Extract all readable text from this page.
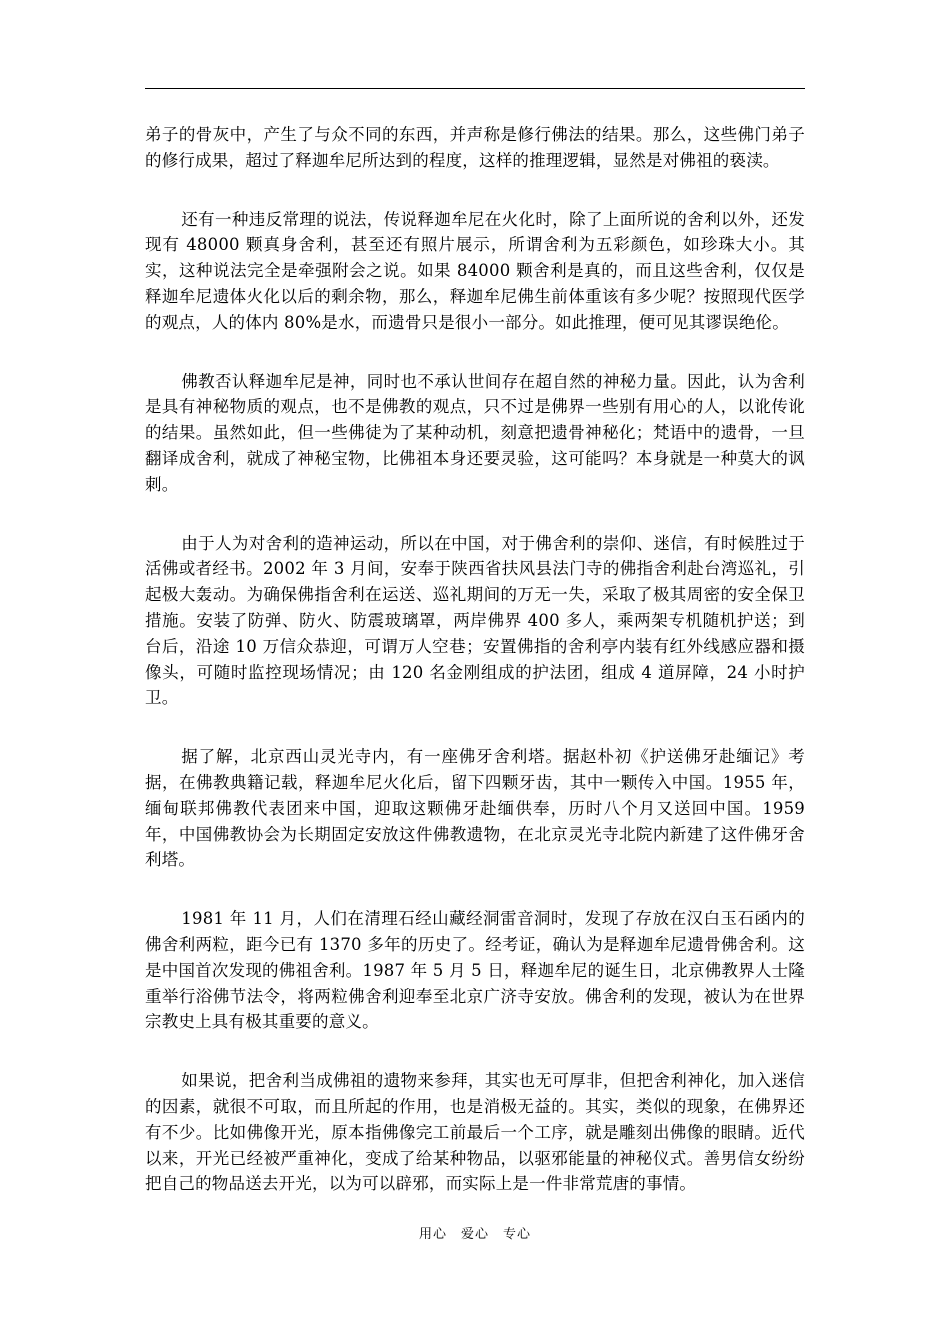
弟子的骨灰中，产生了与众不同的东西，并声称是修行佛法的结果。那么，这些佛门弟子的修行成果，超过了释迦牟尼所达到的程度，这样的推理逻辑，显然是对佛祖的亵渎。

还有一种违反常理的说法，传说释迦牟尼在火化时，除了上面所说的舍利以外，还发现有 48000 颗真身舍利，甚至还有照片展示，所谓舍利为五彩颜色，如珍珠大小。其实，这种说法完全是牵强附会之说。如果 84000 颗舍利是真的，而且这些舍利，仅仅是释迦牟尼遗体火化以后的剩余物，那么，释迦牟尼佛生前体重该有多少呢？按照现代医学的观点，人的体内 80%是水，而遗骨只是很小一部分。如此推理，便可见其谬误绝伦。

佛教否认释迦牟尼是神，同时也不承认世间存在超自然的神秘力量。因此，认为舍利是具有神秘物质的观点，也不是佛教的观点，只不过是佛界一些别有用心的人，以讹传讹的结果。虽然如此，但一些佛徒为了某种动机，刻意把遗骨神秘化；梵语中的遗骨，一旦翻译成舍利，就成了神秘宝物，比佛祖本身还要灵验，这可能吗？本身就是一种莫大的讽刺。

由于人为对舍利的造神运动，所以在中国，对于佛舍利的崇仰、迷信，有时候胜过于活佛或者经书。2002 年 3 月间，安奉于陕西省扶风县法门寺的佛指舍利赴台湾巡礼，引起极大轰动。为确保佛指舍利在运送、巡礼期间的万无一失，采取了极其周密的安全保卫措施。安装了防弹、防火、防震玻璃罩，两岸佛界 400 多人，乘两架专机随机护送；到台后，沿途 10 万信众恭迎，可谓万人空巷；安置佛指的舍利亭内装有红外线感应器和摄像头，可随时监控现场情况；由 120 名金刚组成的护法团，组成 4 道屏障，24 小时护卫。

据了解，北京西山灵光寺内，有一座佛牙舍利塔。据赵朴初《护送佛牙赴缅记》考据，在佛教典籍记载，释迦牟尼火化后，留下四颗牙齿，其中一颗传入中国。1955 年，缅甸联邦佛教代表团来中国，迎取这颗佛牙赴缅供奉，历时八个月又送回中国。1959 年，中国佛教协会为长期固定安放这件佛教遗物，在北京灵光寺北院内新建了这件佛牙舍利塔。

1981 年 11 月，人们在清理石经山藏经洞雷音洞时，发现了存放在汉白玉石函内的佛舍利两粒，距今已有 1370 多年的历史了。经考证，确认为是释迦牟尼遗骨佛舍利。这是中国首次发现的佛祖舍利。1987 年 5 月 5 日，释迦牟尼的诞生日，北京佛教界人士隆重举行浴佛节法令，将两粒佛舍利迎奉至北京广济寺安放。佛舍利的发现，被认为在世界宗教史上具有极其重要的意义。

如果说，把舍利当成佛祖的遗物来参拜，其实也无可厚非，但把舍利神化，加入迷信的因素，就很不可取，而且所起的作用，也是消极无益的。其实，类似的现象，在佛界还有不少。比如佛像开光，原本指佛像完工前最后一个工序，就是雕刻出佛像的眼睛。近代以来，开光已经被严重神化，变成了给某种物品，以驱邪能量的神秘仪式。善男信女纷纷把自己的物品送去开光，以为可以辟邪，而实际上是一件非常荒唐的事情。

用心　爱心　专心
